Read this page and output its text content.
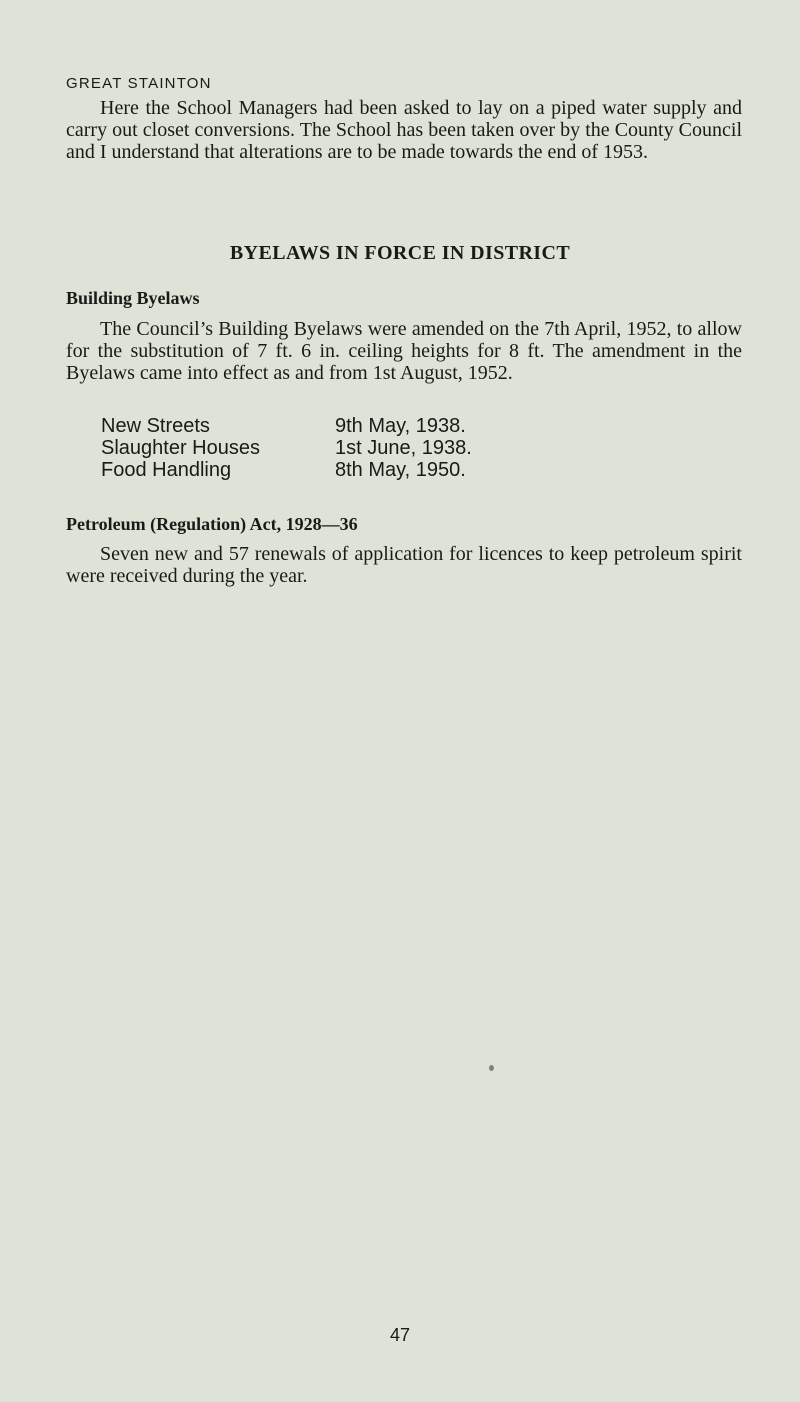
GREAT STAINTON

Here the School Managers had been asked to lay on a piped water supply and carry out closet conversions. The School has been taken over by the County Council and I understand that alterations are to be made towards the end of 1953.

BYELAWS IN FORCE IN DISTRICT
Building Byelaws

The Council’s Building Byelaws were amended on the 7th April, 1952, to allow for the substitution of 7 ft. 6 in. ceiling heights for 8 ft. The amendment in the Byelaws came into effect as and from 1st August, 1952.

New Streets	9th May, 1938.
Slaughter Houses	1st June, 1938.
Food Handling	8th May, 1950.
Petroleum (Regulation) Act, 1928—36

Seven new and 57 renewals of application for licences to keep petroleum spirit were received during the year.

47
